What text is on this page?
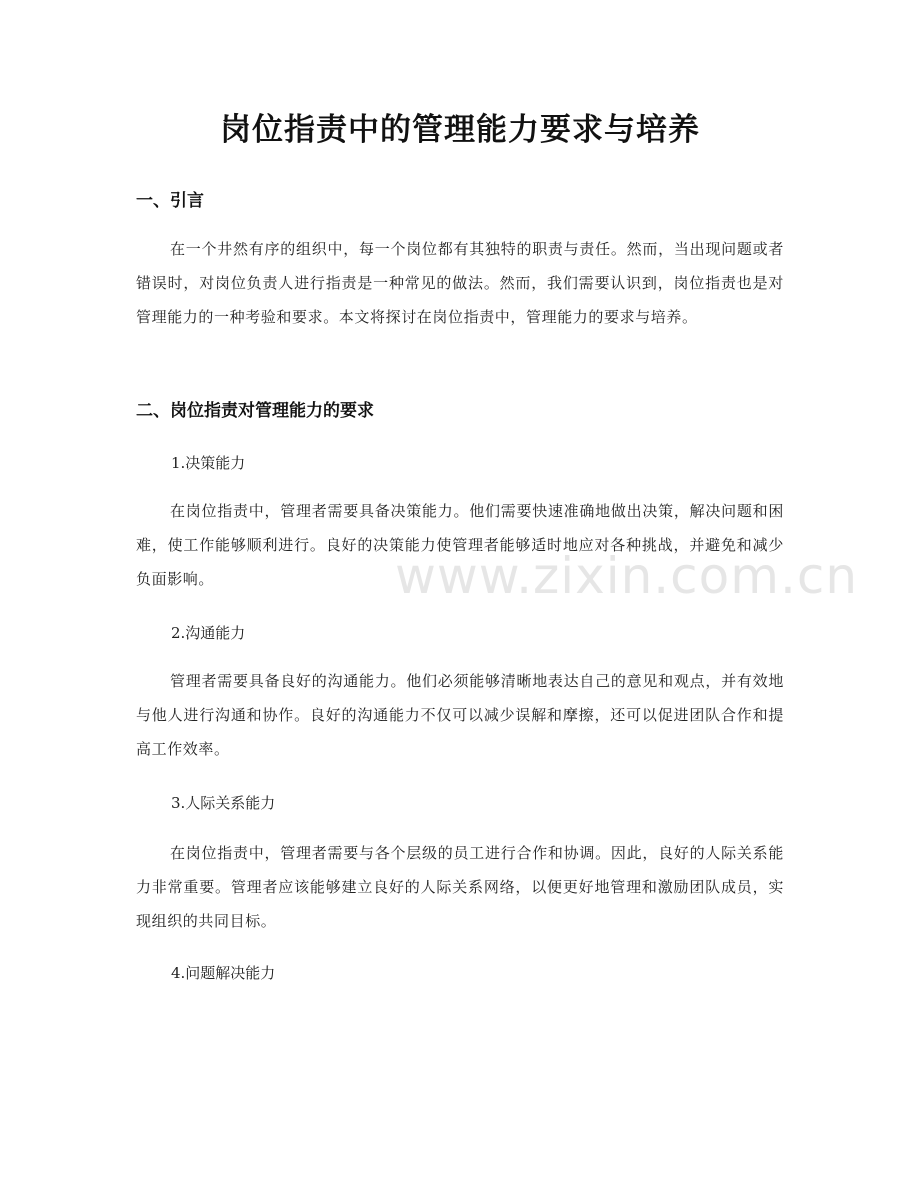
www.zixin.com.cn
岗位指责中的管理能力要求与培养
一、引言
在一个井然有序的组织中，每一个岗位都有其独特的职责与责任。然而，当出现问题或者错误时，对岗位负责人进行指责是一种常见的做法。然而，我们需要认识到，岗位指责也是对管理能力的一种考验和要求。本文将探讨在岗位指责中，管理能力的要求与培养。
二、岗位指责对管理能力的要求
1.决策能力
在岗位指责中，管理者需要具备决策能力。他们需要快速准确地做出决策，解决问题和困难，使工作能够顺利进行。良好的决策能力使管理者能够适时地应对各种挑战，并避免和减少负面影响。
2.沟通能力
管理者需要具备良好的沟通能力。他们必须能够清晰地表达自己的意见和观点，并有效地与他人进行沟通和协作。良好的沟通能力不仅可以减少误解和摩擦，还可以促进团队合作和提高工作效率。
3.人际关系能力
在岗位指责中，管理者需要与各个层级的员工进行合作和协调。因此，良好的人际关系能力非常重要。管理者应该能够建立良好的人际关系网络，以便更好地管理和激励团队成员，实现组织的共同目标。
4.问题解决能力
